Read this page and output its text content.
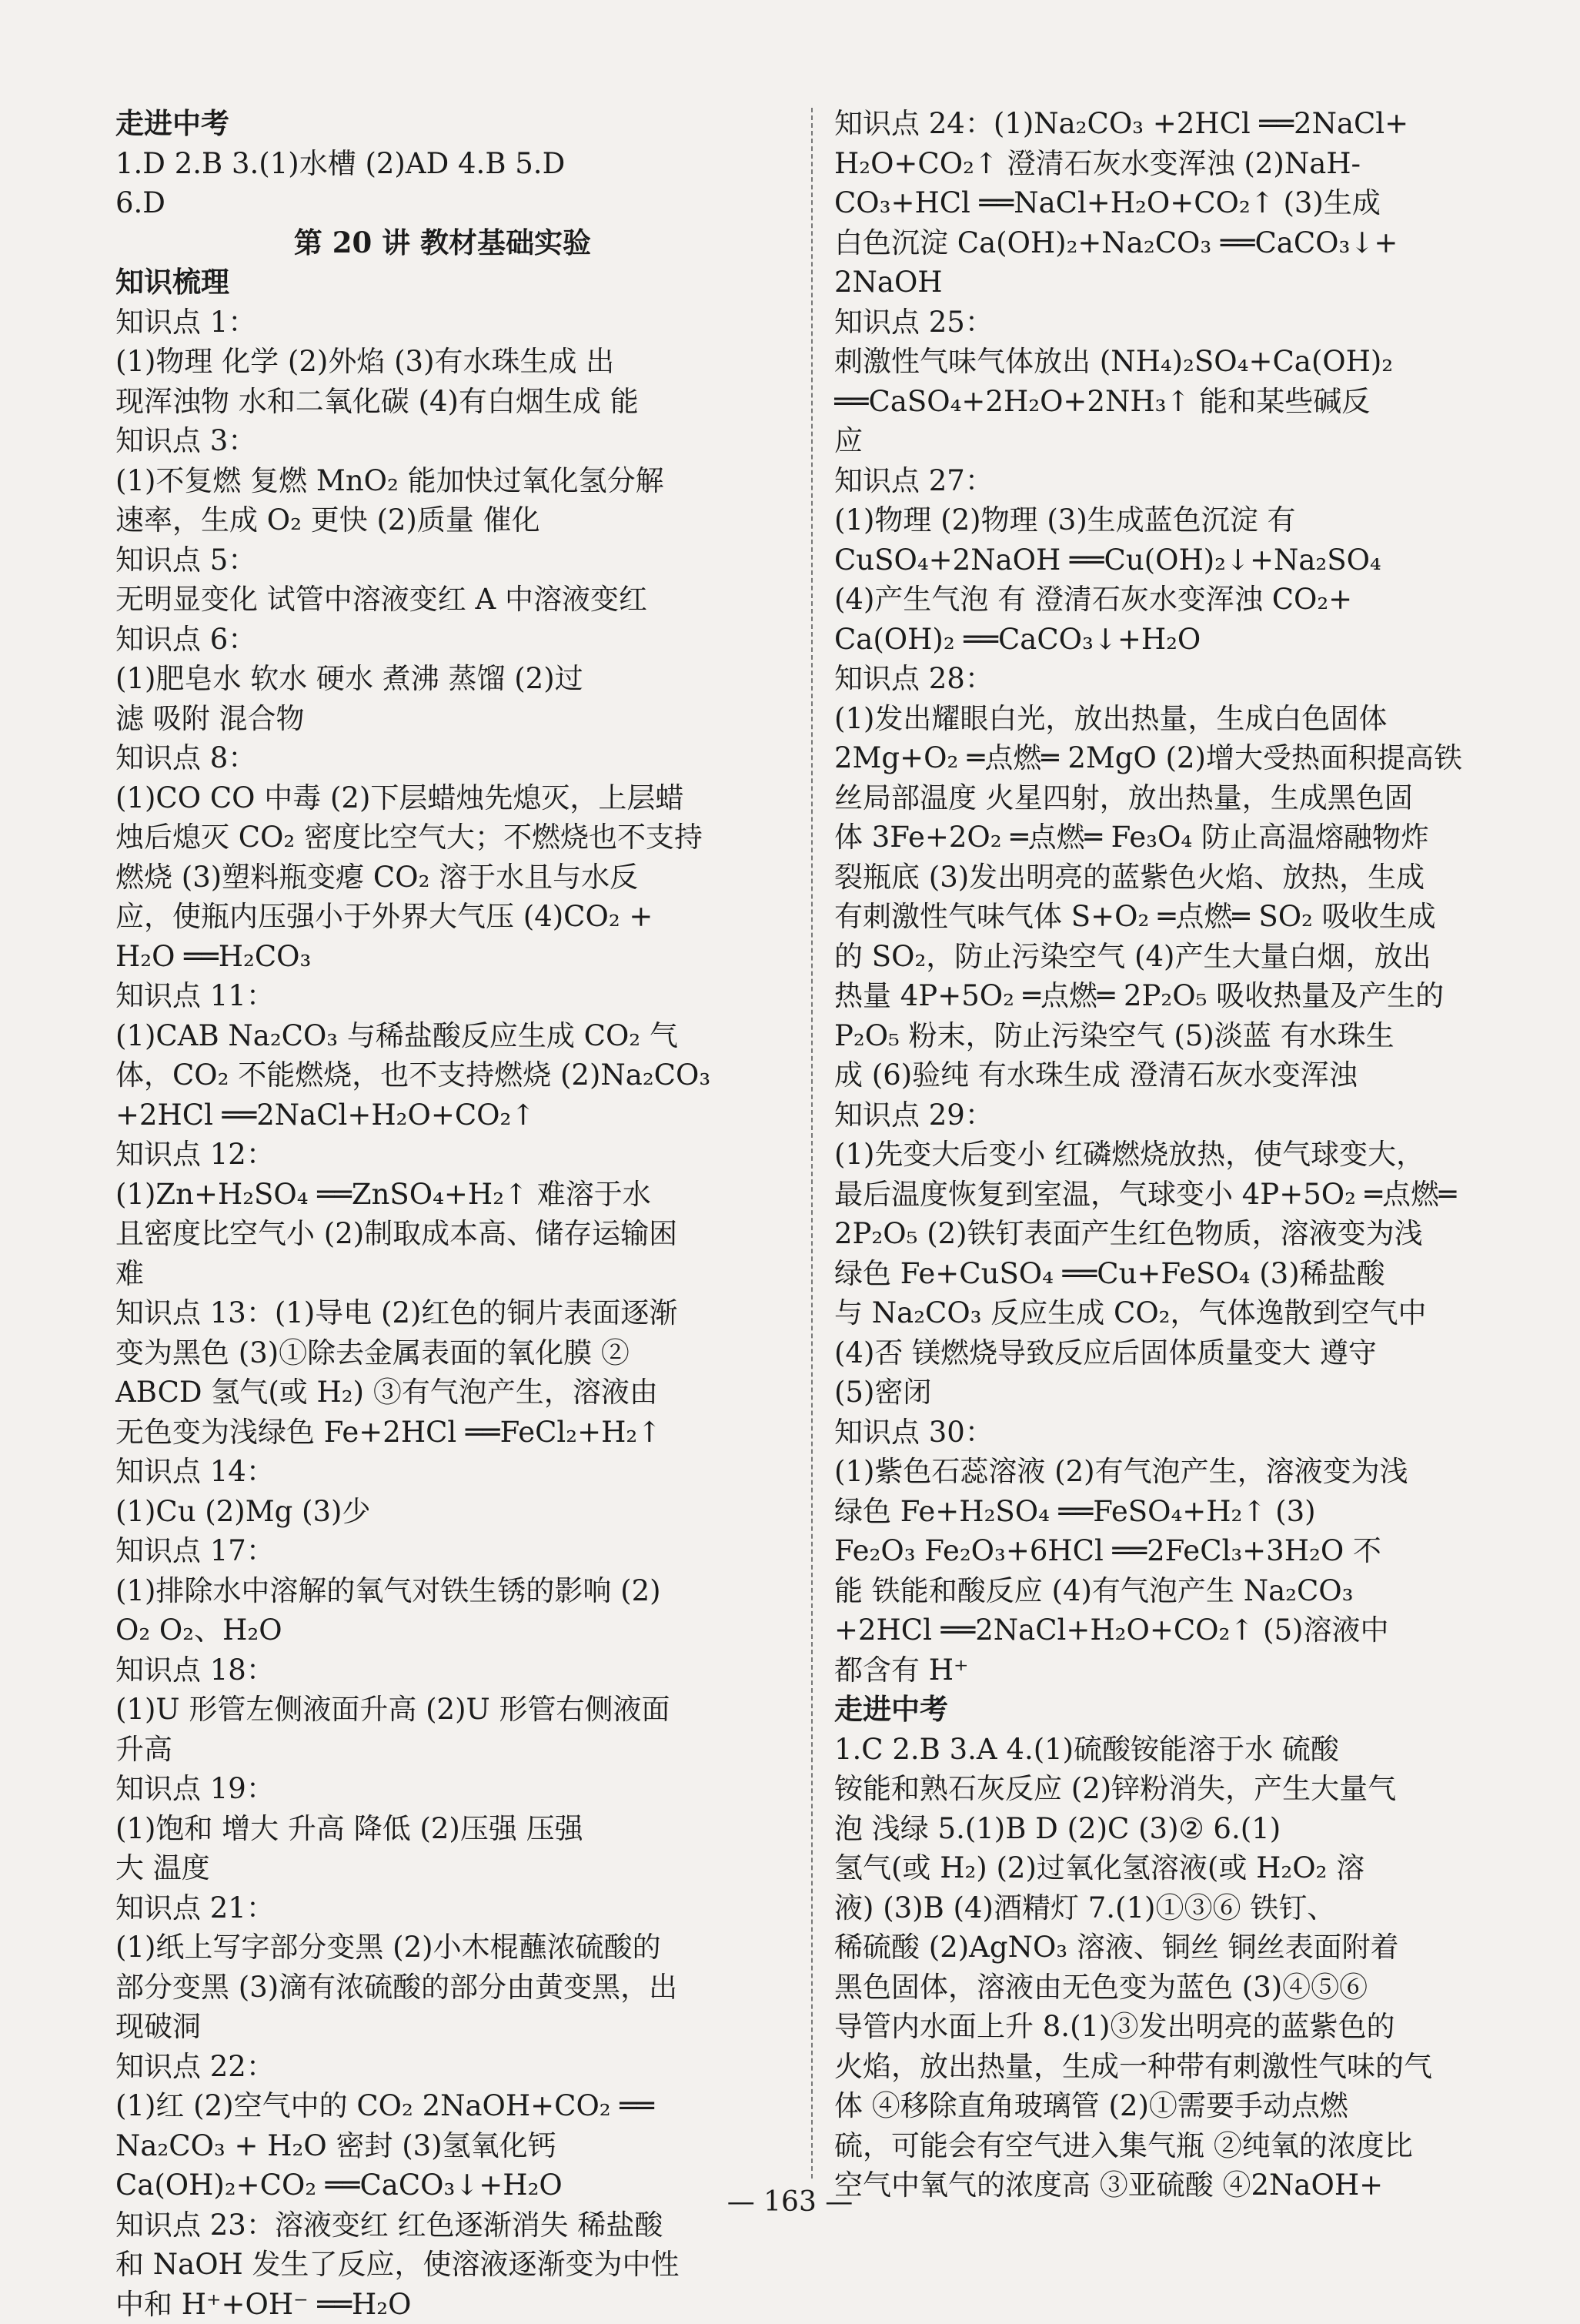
走进中考
1.D 2.B 3.(1)水槽 (2)AD 4.B 5.D
6.D
第 20 讲 教材基础实验
知识梳理
知识点 1：
(1)物理 化学 (2)外焰 (3)有水珠生成 出
现浑浊物 水和二氧化碳 (4)有白烟生成 能
知识点 3：
(1)不复燃 复燃 MnO₂ 能加快过氧化氢分解
速率，生成 O₂ 更快 (2)质量 催化
知识点 5：
无明显变化 试管中溶液变红 A 中溶液变红
知识点 6：
(1)肥皂水 软水 硬水 煮沸 蒸馏 (2)过
滤 吸附 混合物
知识点 8：
(1)CO CO 中毒 (2)下层蜡烛先熄灭，上层蜡
烛后熄灭 CO₂ 密度比空气大；不燃烧也不支持
燃烧 (3)塑料瓶变瘪 CO₂ 溶于水且与水反
应，使瓶内压强小于外界大气压 (4)CO₂ +
H₂O ══H₂CO₃
知识点 11：
(1)CAB Na₂CO₃ 与稀盐酸反应生成 CO₂ 气
体，CO₂ 不能燃烧，也不支持燃烧 (2)Na₂CO₃
+2HCl ══2NaCl+H₂O+CO₂↑
知识点 12：
(1)Zn+H₂SO₄ ══ZnSO₄+H₂↑ 难溶于水
且密度比空气小 (2)制取成本高、储存运输困
难
知识点 13：(1)导电 (2)红色的铜片表面逐渐
变为黑色 (3)①除去金属表面的氧化膜 ②
ABCD 氢气(或 H₂) ③有气泡产生，溶液由
无色变为浅绿色 Fe+2HCl ══FeCl₂+H₂↑
知识点 14：
(1)Cu (2)Mg (3)少
知识点 17：
(1)排除水中溶解的氧气对铁生锈的影响 (2)
O₂ O₂、H₂O
知识点 18：
(1)U 形管左侧液面升高 (2)U 形管右侧液面
升高
知识点 19：
(1)饱和 增大 升高 降低 (2)压强 压强
大 温度
知识点 21：
(1)纸上写字部分变黑 (2)小木棍蘸浓硫酸的
部分变黑 (3)滴有浓硫酸的部分由黄变黑，出
现破洞
知识点 22：
(1)红 (2)空气中的 CO₂ 2NaOH+CO₂ ══
Na₂CO₃ + H₂O 密封 (3)氢氧化钙
Ca(OH)₂+CO₂ ══CaCO₃↓+H₂O
知识点 23：溶液变红 红色逐渐消失 稀盐酸
和 NaOH 发生了反应，使溶液逐渐变为中性
中和 H⁺+OH⁻ ══H₂O
知识点 24：(1)Na₂CO₃ +2HCl ══2NaCl+
H₂O+CO₂↑ 澄清石灰水变浑浊 (2)NaH-
CO₃+HCl ══NaCl+H₂O+CO₂↑ (3)生成
白色沉淀 Ca(OH)₂+Na₂CO₃ ══CaCO₃↓+
2NaOH
知识点 25：
刺激性气味气体放出 (NH₄)₂SO₄+Ca(OH)₂
══CaSO₄+2H₂O+2NH₃↑ 能和某些碱反
应
知识点 27：
(1)物理 (2)物理 (3)生成蓝色沉淀 有
CuSO₄+2NaOH ══Cu(OH)₂↓+Na₂SO₄
(4)产生气泡 有 澄清石灰水变浑浊 CO₂+
Ca(OH)₂ ══CaCO₃↓+H₂O
知识点 28：
(1)发出耀眼白光，放出热量，生成白色固体
2Mg+O₂ ═点燃═ 2MgO (2)增大受热面积提高铁
丝局部温度 火星四射，放出热量，生成黑色固
体 3Fe+2O₂ ═点燃═ Fe₃O₄ 防止高温熔融物炸
裂瓶底 (3)发出明亮的蓝紫色火焰、放热，生成
有刺激性气味气体 S+O₂ ═点燃═ SO₂ 吸收生成
的 SO₂，防止污染空气 (4)产生大量白烟，放出
热量 4P+5O₂ ═点燃═ 2P₂O₅ 吸收热量及产生的
P₂O₅ 粉末，防止污染空气 (5)淡蓝 有水珠生
成 (6)验纯 有水珠生成 澄清石灰水变浑浊
知识点 29：
(1)先变大后变小 红磷燃烧放热，使气球变大，
最后温度恢复到室温，气球变小 4P+5O₂ ═点燃═
2P₂O₅ (2)铁钉表面产生红色物质，溶液变为浅
绿色 Fe+CuSO₄ ══Cu+FeSO₄ (3)稀盐酸
与 Na₂CO₃ 反应生成 CO₂，气体逸散到空气中
(4)否 镁燃烧导致反应后固体质量变大 遵守
(5)密闭
知识点 30：
(1)紫色石蕊溶液 (2)有气泡产生，溶液变为浅
绿色 Fe+H₂SO₄ ══FeSO₄+H₂↑ (3)
Fe₂O₃ Fe₂O₃+6HCl ══2FeCl₃+3H₂O 不
能 铁能和酸反应 (4)有气泡产生 Na₂CO₃
+2HCl ══2NaCl+H₂O+CO₂↑ (5)溶液中
都含有 H⁺
走进中考
1.C 2.B 3.A 4.(1)硫酸铵能溶于水 硫酸
铵能和熟石灰反应 (2)锌粉消失，产生大量气
泡 浅绿 5.(1)B D (2)C (3)② 6.(1)
氢气(或 H₂) (2)过氧化氢溶液(或 H₂O₂ 溶
液) (3)B (4)酒精灯 7.(1)①③⑥ 铁钉、
稀硫酸 (2)AgNO₃ 溶液、铜丝 铜丝表面附着
黑色固体，溶液由无色变为蓝色 (3)④⑤⑥
导管内水面上升 8.(1)③发出明亮的蓝紫色的
火焰，放出热量，生成一种带有刺激性气味的气
体 ④移除直角玻璃管 (2)①需要手动点燃
硫，可能会有空气进入集气瓶 ②纯氧的浓度比
空气中氧气的浓度高 ③亚硫酸 ④2NaOH+
— 163 —
